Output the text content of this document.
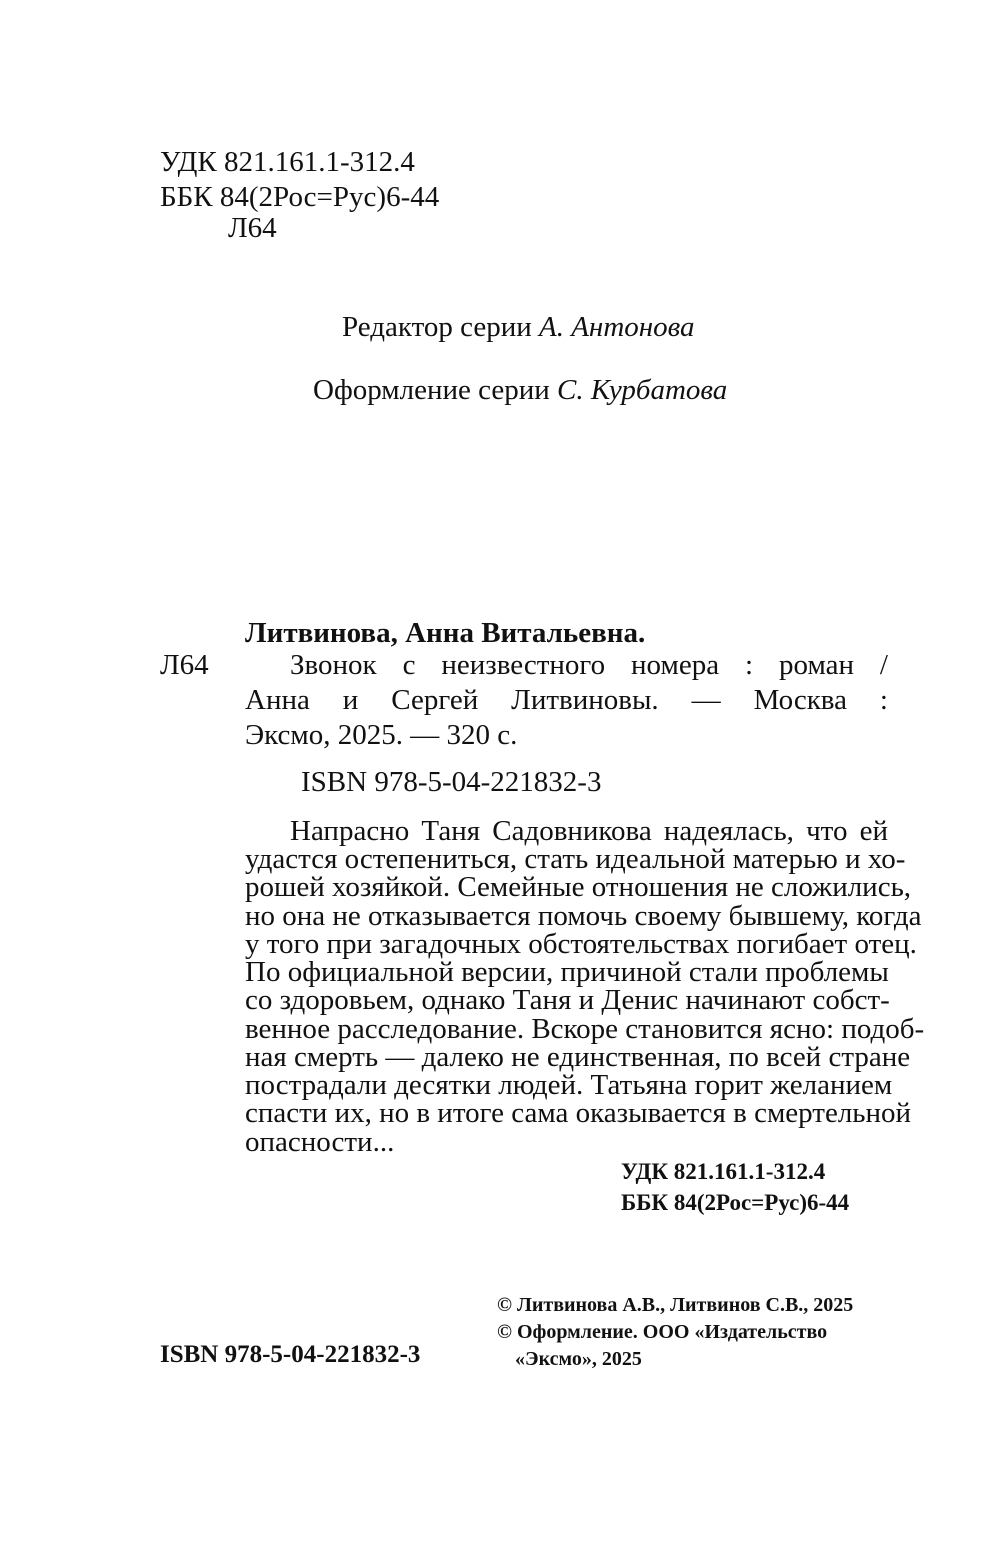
УДК 821.161.1-312.4
ББК 84(2Рос=Рус)6-44
Л64
Редактор серии А. Антонова
Оформление серии С. Курбатова
Литвинова, Анна Витальевна.
Л64	Звонок с неизвестного номера : роман /
Анна и Сергей Литвиновы. — Москва :
Эксмо, 2025. — 320 с.
ISBN 978-5-04-221832-3
Напрасно Таня Садовникова надеялась, что ей
удастся остепениться, стать идеальной матерью и хо-
рошей хозяйкой. Семейные отношения не сложились,
но она не отказывается помочь своему бывшему, когда
у того при загадочных обстоятельствах погибает отец.
По официальной версии, причиной стали проблемы
со здоровьем, однако Таня и Денис начинают собст-
венное расследование. Вскоре становится ясно: подоб-
ная смерть — далеко не единственная, по всей стране
пострадали десятки людей. Татьяна горит желанием
спасти их, но в итоге сама оказывается в смертельной
опасности...
УДК 821.161.1-312.4
ББК 84(2Рос=Рус)6-44
© Литвинова А.В., Литвинов С.В., 2025
© Оформление. ООО «Издательство
«Эксмо», 2025
ISBN 978-5-04-221832-3
